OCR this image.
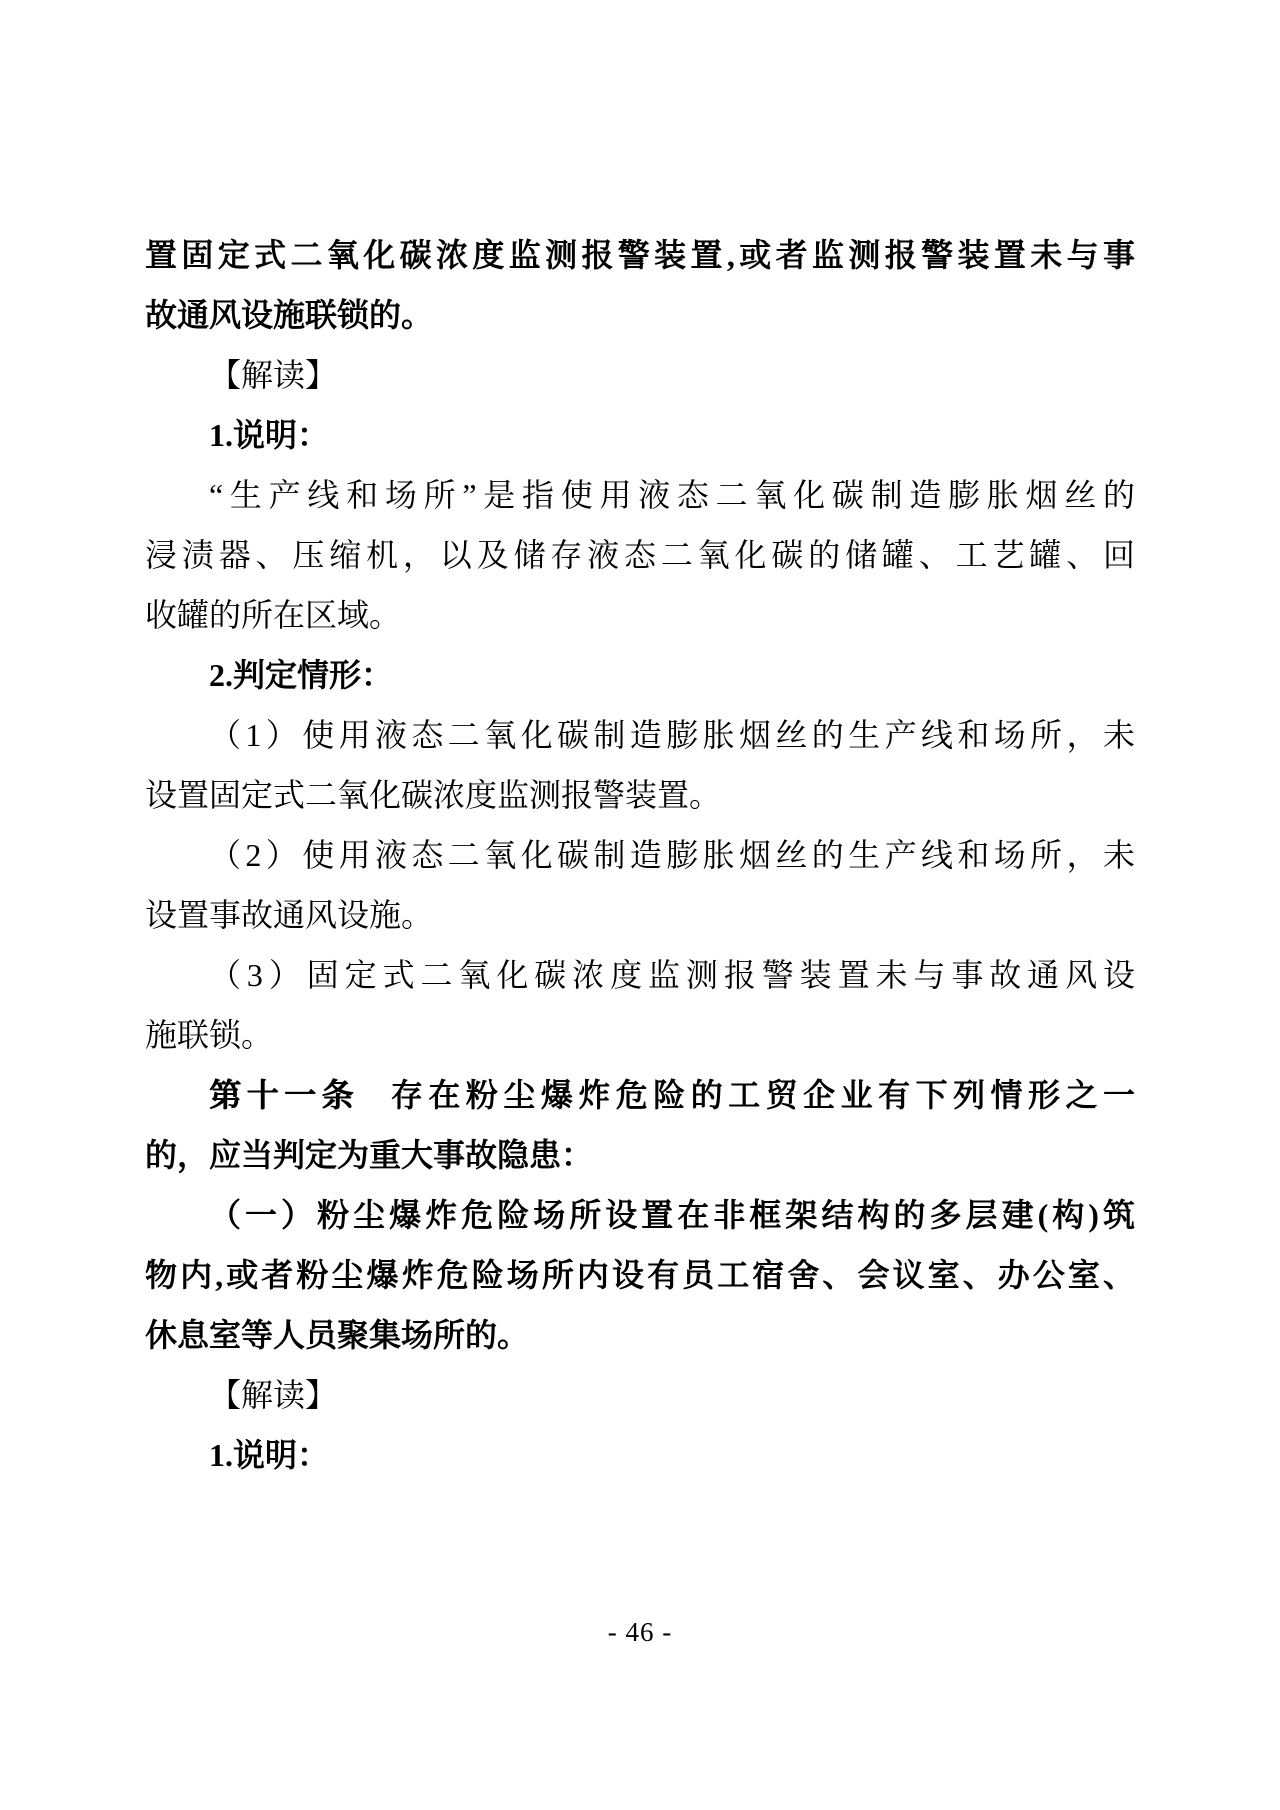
置固定式二氧化碳浓度监测报警装置,或者监测报警装置未与事
故通风设施联锁的。
【解读】
1.说明：
“生产线和场所”是指使用液态二氧化碳制造膨胀烟丝的
浸渍器、压缩机，以及储存液态二氧化碳的储罐、工艺罐、回
收罐的所在区域。
2.判定情形：
（1）使用液态二氧化碳制造膨胀烟丝的生产线和场所，未
设置固定式二氧化碳浓度监测报警装置。
（2）使用液态二氧化碳制造膨胀烟丝的生产线和场所，未
设置事故通风设施。
（3）固定式二氧化碳浓度监测报警装置未与事故通风设
施联锁。
第十一条 存在粉尘爆炸危险的工贸企业有下列情形之一
的，应当判定为重大事故隐患：
（一）粉尘爆炸危险场所设置在非框架结构的多层建(构)筑
物内,或者粉尘爆炸危险场所内设有员工宿舍、会议室、办公室、
休息室等人员聚集场所的。
【解读】
1.说明：
- 46 -
